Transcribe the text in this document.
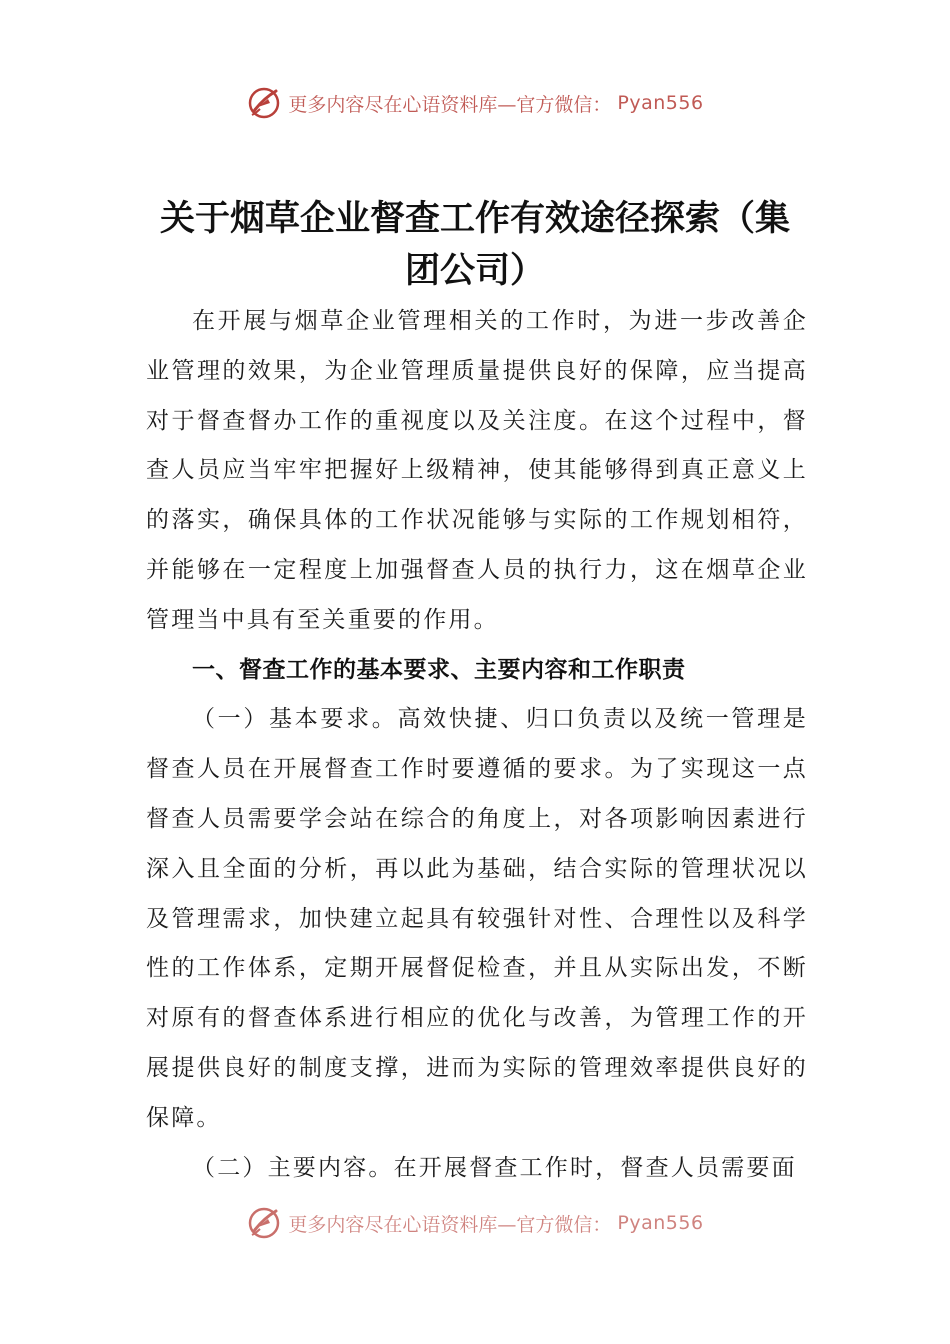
更多内容尽在心语资料库—官方微信： Pyan556
关于烟草企业督查工作有效途径探索（集团公司）

在开展与烟草企业管理相关的工作时，为进一步改善企业管理的效果，为企业管理质量提供良好的保障，应当提高对于督查督办工作的重视度以及关注度。在这个过程中，督查人员应当牢牢把握好上级精神，使其能够得到真正意义上的落实，确保具体的工作状况能够与实际的工作规划相符，并能够在一定程度上加强督查人员的执行力，这在烟草企业管理当中具有至关重要的作用。

一、督查工作的基本要求、主要内容和工作职责

（一）基本要求。高效快捷、归口负责以及统一管理是督查人员在开展督查工作时要遵循的要求。为了实现这一点督查人员需要学会站在综合的角度上，对各项影响因素进行深入且全面的分析，再以此为基础，结合实际的管理状况以及管理需求，加快建立起具有较强针对性、合理性以及科学性的工作体系，定期开展督促检查，并且从实际出发，不断对原有的督查体系进行相应的优化与改善，为管理工作的开展提供良好的制度支撑，进而为实际的管理效率提供良好的保障。

（二）主要内容。在开展督查工作时，督查人员需要面

更多内容尽在心语资料库—官方微信： Pyan556
